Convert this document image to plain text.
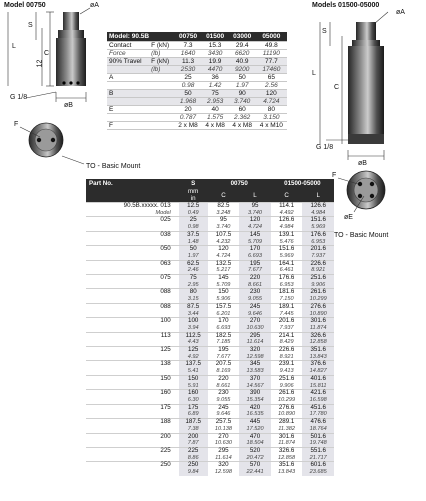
Model 00750	øA
S
L
C
12
G 1/8
øB
F
TO - Basic Mount
Models 01500-05000
øA
S
L
C
G 1/8
øB
F
øE
TO - Basic Mount
Model: 90.5B		00750	01500	03000	05000
Contact	F (kN)	7.3	15.3	29.4	49.8
Force	(lb)	1640	3430	6620	11190
90% Travel	F (kN)	11.3	19.9	40.9	77.7
	(lb)	2530	4470	9200	17460
A		25	36	50	65
		0.98	1.42	1.97	2.56
B		50	75	90	120
		1.968	2.953	3.740	4.724
E		20	40	60	80
		0.787	1.575	2.362	3.150
F		2 x M8	4 x M8	4 x M8	4 x M10
Part No.	S	00750		01500-05000	
	mm
in	C	L	C	L
90.5B.xxxxx. 013	12.5	82.5	95	114.1	126.6
Model	0.49	3.248	3.740	4.492	4.984
025	25	95	120	126.6	151.6
	0.98	3.740	4.724	4.984	5.969
038	37.5	107.5	145	139.1	176.6
	1.48	4.232	5.709	5.476	6.953
050	50	120	170	151.6	201.6
	1.97	4.724	6.693	5.969	7.937
063	62.5	132.5	195	164.1	226.6
	2.46	5.217	7.677	6.461	8.921
075	75	145	220	176.6	251.6
	2.95	5.709	8.661	6.953	9.906
088	80	150	230	181.6	261.6
	3.15	5.906	9.055	7.150	10.299
088	87.5	157.5	245	189.1	276.6
	3.44	6.201	9.646	7.445	10.890
100	100	170	270	201.6	301.6
	3.94	6.693	10.630	7.937	11.874
113	112.5	182.5	295	214.1	326.6
	4.43	7.185	11.614	8.429	12.858
125	125	195	320	226.6	351.6
	4.92	7.677	12.598	8.921	13.843
138	137.5	207.5	345	239.1	376.6
	5.41	8.169	13.583	9.413	14.827
150	150	220	370	251.6	401.6
	5.91	8.661	14.567	9.906	15.811
160	160	230	390	261.6	421.6
	6.30	9.055	15.354	10.299	16.598
175	175	245	420	276.6	451.6
	6.89	9.646	16.535	10.890	17.780
188	187.5	257.5	445	289.1	476.6
	7.38	10.138	17.520	11.382	18.764
200	200	270	470	301.6	501.6
	7.87	10.630	18.504	11.874	19.748
225	225	295	520	326.6	551.6
	8.86	11.614	20.472	12.858	21.717
250	250	320	570	351.6	601.6
	9.84	12.598	22.441	13.843	23.685
